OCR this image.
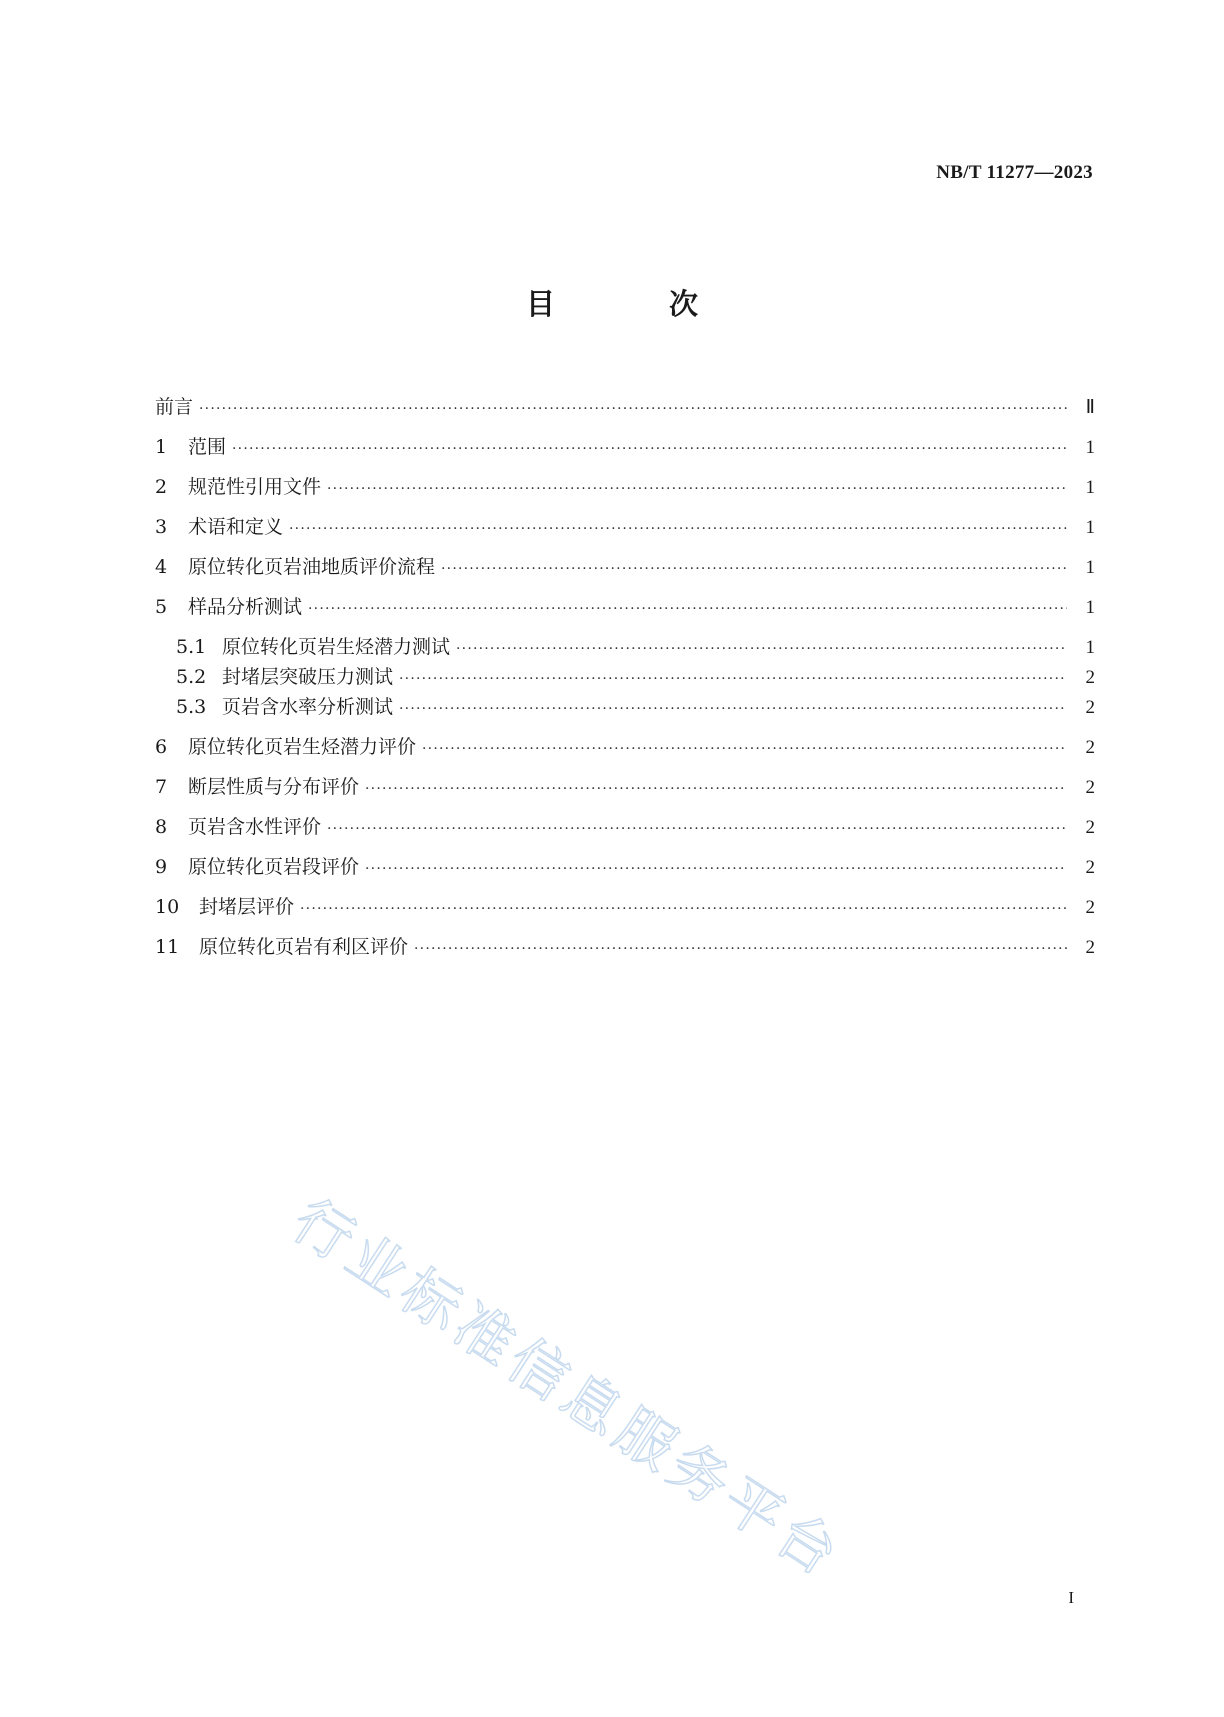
NB/T 11277—2023
目 次
前言 ·····	Ⅱ
1	范围 ·····	1
2	规范性引用文件 ·····	1
3	术语和定义 ·····	1
4	原位转化页岩油地质评价流程 ·····	1
5	样品分析测试 ·····	1
5.1 原位转化页岩生烃潜力测试 ·····	1
5.2 封堵层突破压力测试 ·····	2
5.3 页岩含水率分析测试 ·····	2
6	原位转化页岩生烃潜力评价 ·····	2
7	断层性质与分布评价 ·····	2
8	页岩含水性评价 ·····	2
9	原位转化页岩段评价 ·····	2
10	封堵层评价 ·····	2
11	原位转化页岩有利区评价 ·····	2
行业标准信息服务平台
I
